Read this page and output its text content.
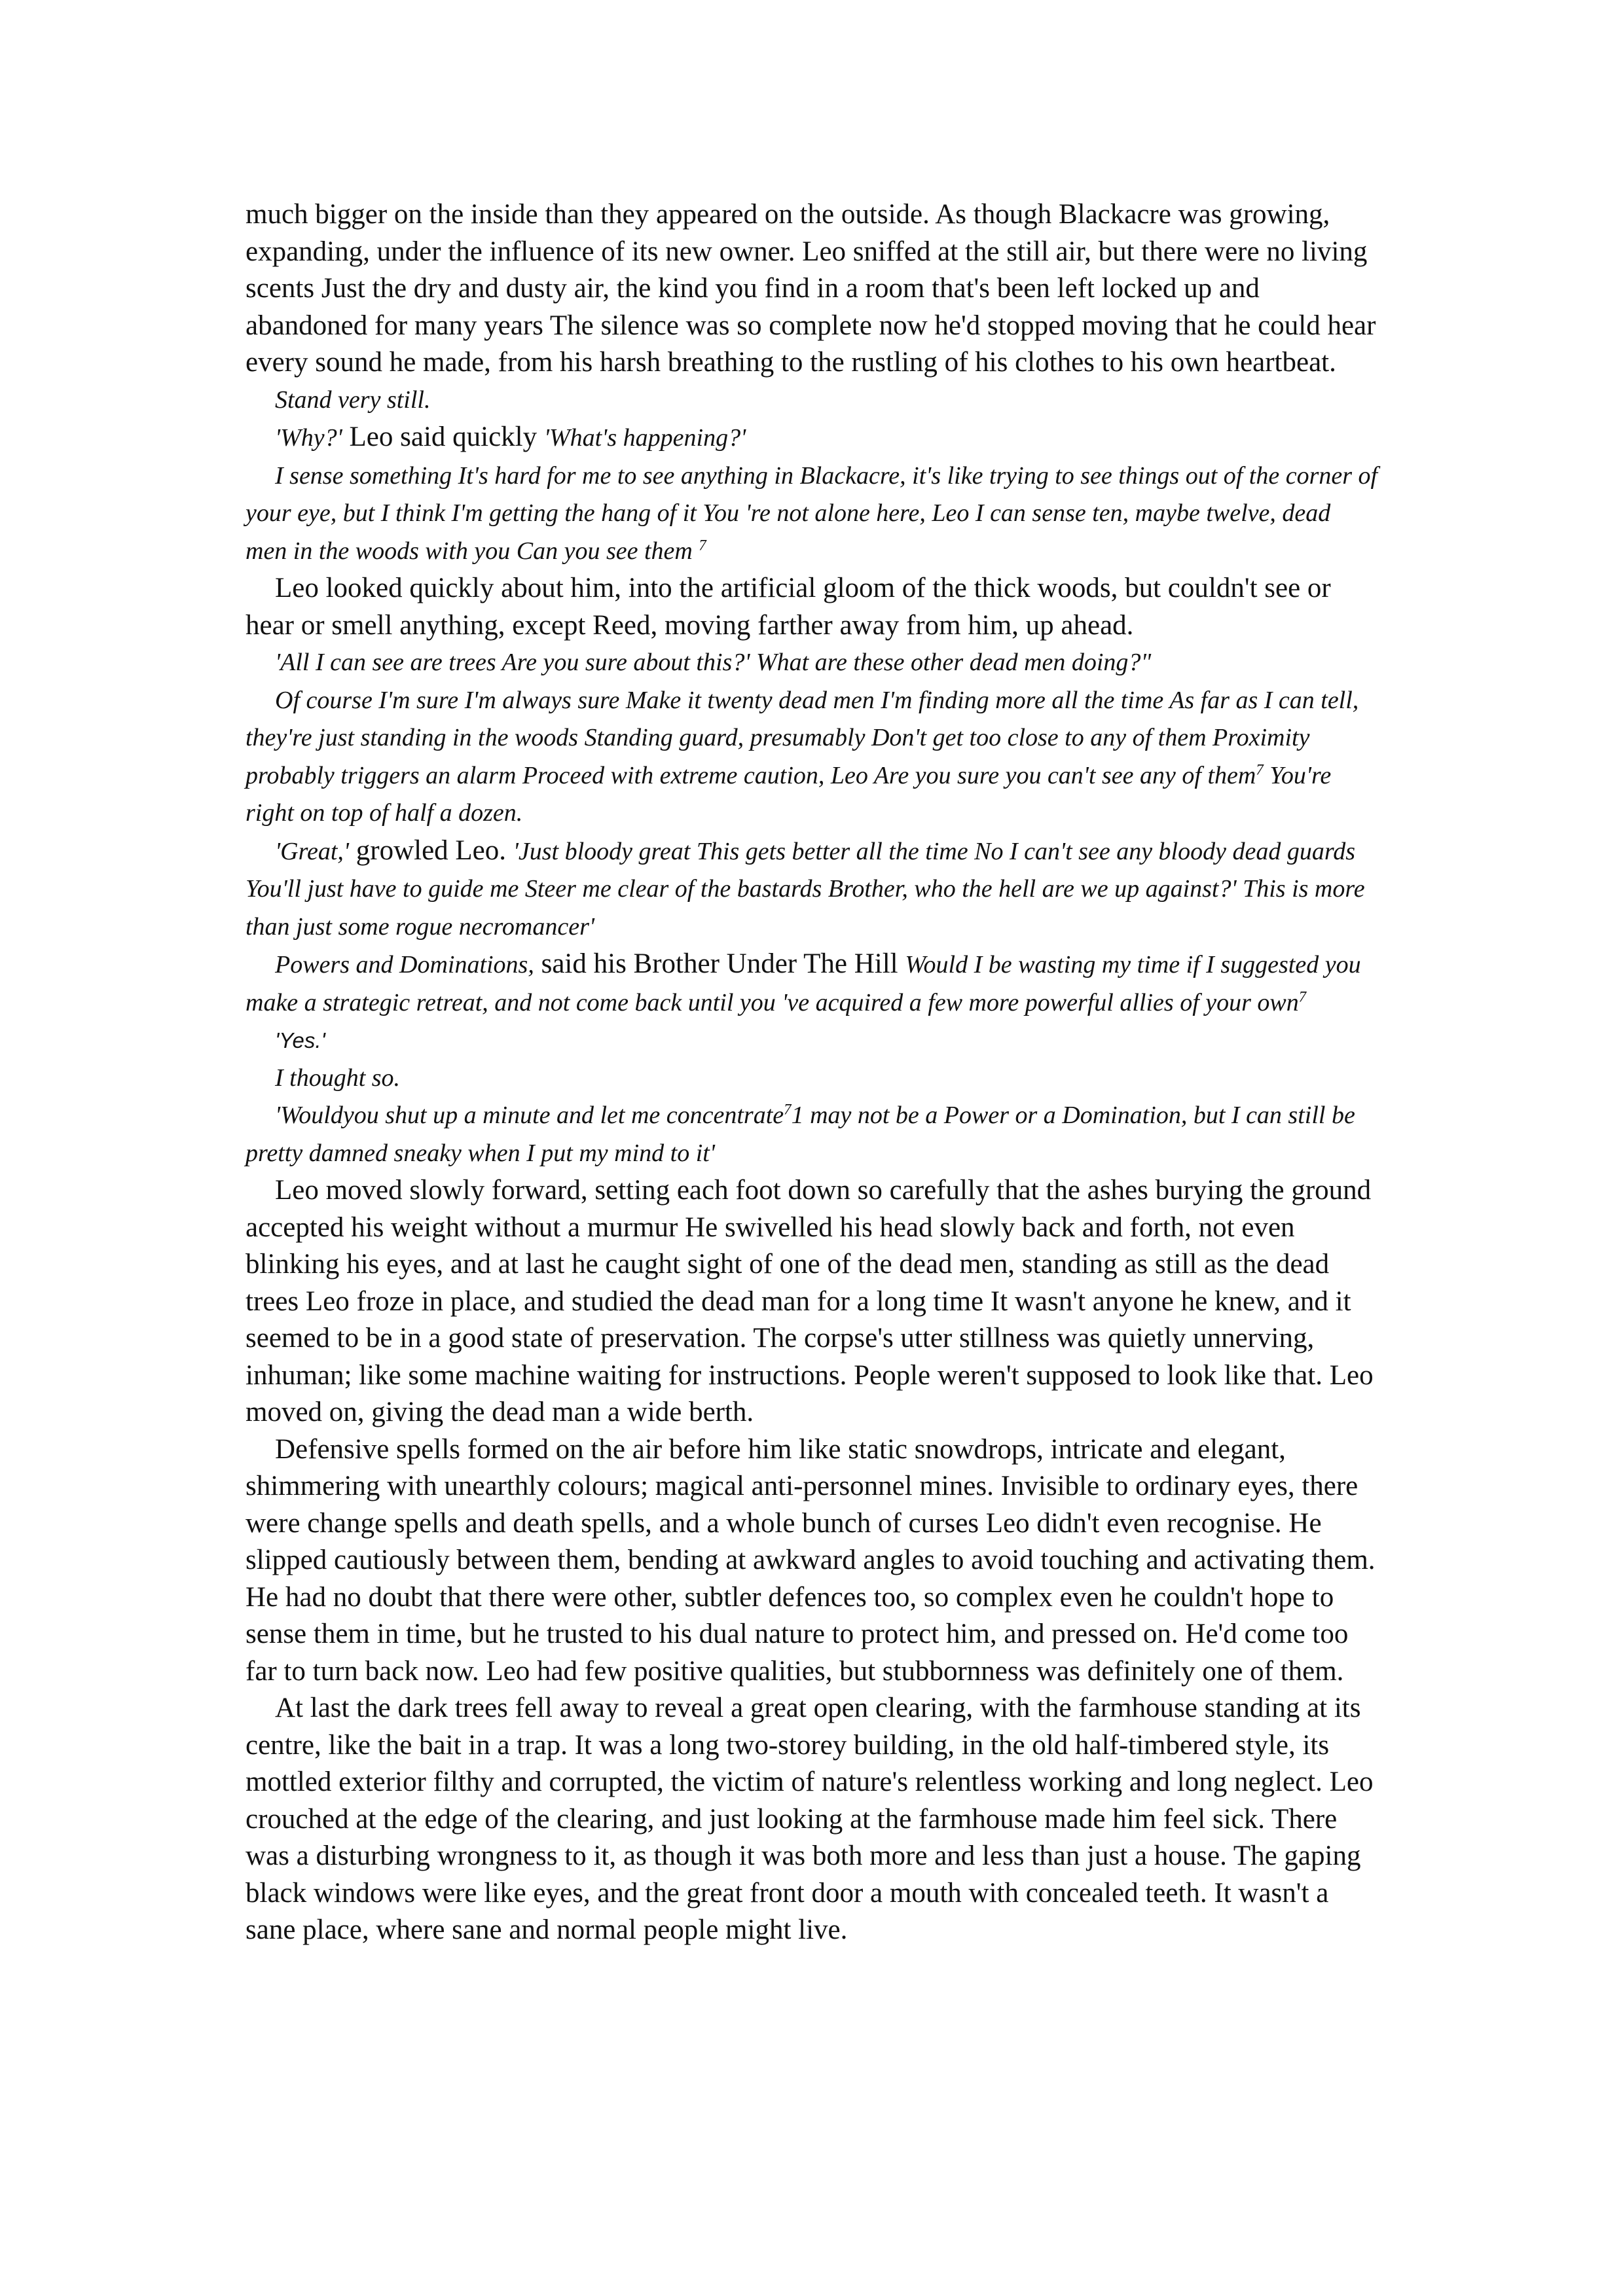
much bigger on the inside than they appeared on the outside. As though Blackacre was growing, expanding, under the influence of its new owner. Leo sniffed at the still air, but there were no living scents Just the dry and dusty air, the kind you find in a room that's been left locked up and abandoned for many years The silence was so complete now he'd stopped moving that he could hear every sound he made, from his harsh breathing to the rustling of his clothes to his own heartbeat.

Stand very still.

'Why?' Leo said quickly 'What's happening?'

I sense something It's hard for me to see anything in Blackacre, it's like trying to see things out of the corner of your eye, but I think I'm getting the hang of it You 're not alone here, Leo I can sense ten, maybe twelve, dead men in the woods with you Can you see them $^7$

Leo looked quickly about him, into the artificial gloom of the thick woods, but couldn't see or hear or smell anything, except Reed, moving farther away from him, up ahead.

'All I can see are trees Are you sure about this?' What are these other dead men doing?"

Of course I'm sure I'm always sure Make it twenty dead men I'm finding more all the time As far as I can tell, they're just standing in the woods Standing guard, presumably Don't get too close to any of them Proximity probably triggers an alarm Proceed with extreme caution, Leo Are you sure you can't see any of them$^7$ You're right on top of half a dozen.

'Great,' growled Leo. 'Just bloody great This gets better all the time No I can't see any bloody dead guards You'll just have to guide me Steer me clear of the bastards Brother, who the hell are we up against?' This is more than just some rogue necromancer'

Powers and Dominations, said his Brother Under The Hill Would I be wasting my time if I suggested you make a strategic retreat, and not come back until you 've acquired a few more powerful allies of your own$^7$

'Yes.'

I thought so.

'Wouldyou shut up a minute and let me concentrate$^7$1 may not be a Power or a Domination, but I can still be pretty damned sneaky when I put my mind to it'

Leo moved slowly forward, setting each foot down so carefully that the ashes burying the ground accepted his weight without a murmur He swivelled his head slowly back and forth, not even blinking his eyes, and at last he caught sight of one of the dead men, standing as still as the dead trees Leo froze in place, and studied the dead man for a long time It wasn't anyone he knew, and it seemed to be in a good state of preservation. The corpse's utter stillness was quietly unnerving, inhuman; like some machine waiting for instructions. People weren't supposed to look like that. Leo moved on, giving the dead man a wide berth.

Defensive spells formed on the air before him like static snowdrops, intricate and elegant, shimmering with unearthly colours; magical anti-personnel mines. Invisible to ordinary eyes, there were change spells and death spells, and a whole bunch of curses Leo didn't even recognise. He slipped cautiously between them, bending at awkward angles to avoid touching and activating them. He had no doubt that there were other, subtler defences too, so complex even he couldn't hope to sense them in time, but he trusted to his dual nature to protect him, and pressed on. He'd come too far to turn back now. Leo had few positive qualities, but stubbornness was definitely one of them.

At last the dark trees fell away to reveal a great open clearing, with the farmhouse standing at its centre, like the bait in a trap. It was a long two-storey building, in the old half-timbered style, its mottled exterior filthy and corrupted, the victim of nature's relentless working and long neglect. Leo crouched at the edge of the clearing, and just looking at the farmhouse made him feel sick. There was a disturbing wrongness to it, as though it was both more and less than just a house. The gaping black windows were like eyes, and the great front door a mouth with concealed teeth. It wasn't a sane place, where sane and normal people might live.
